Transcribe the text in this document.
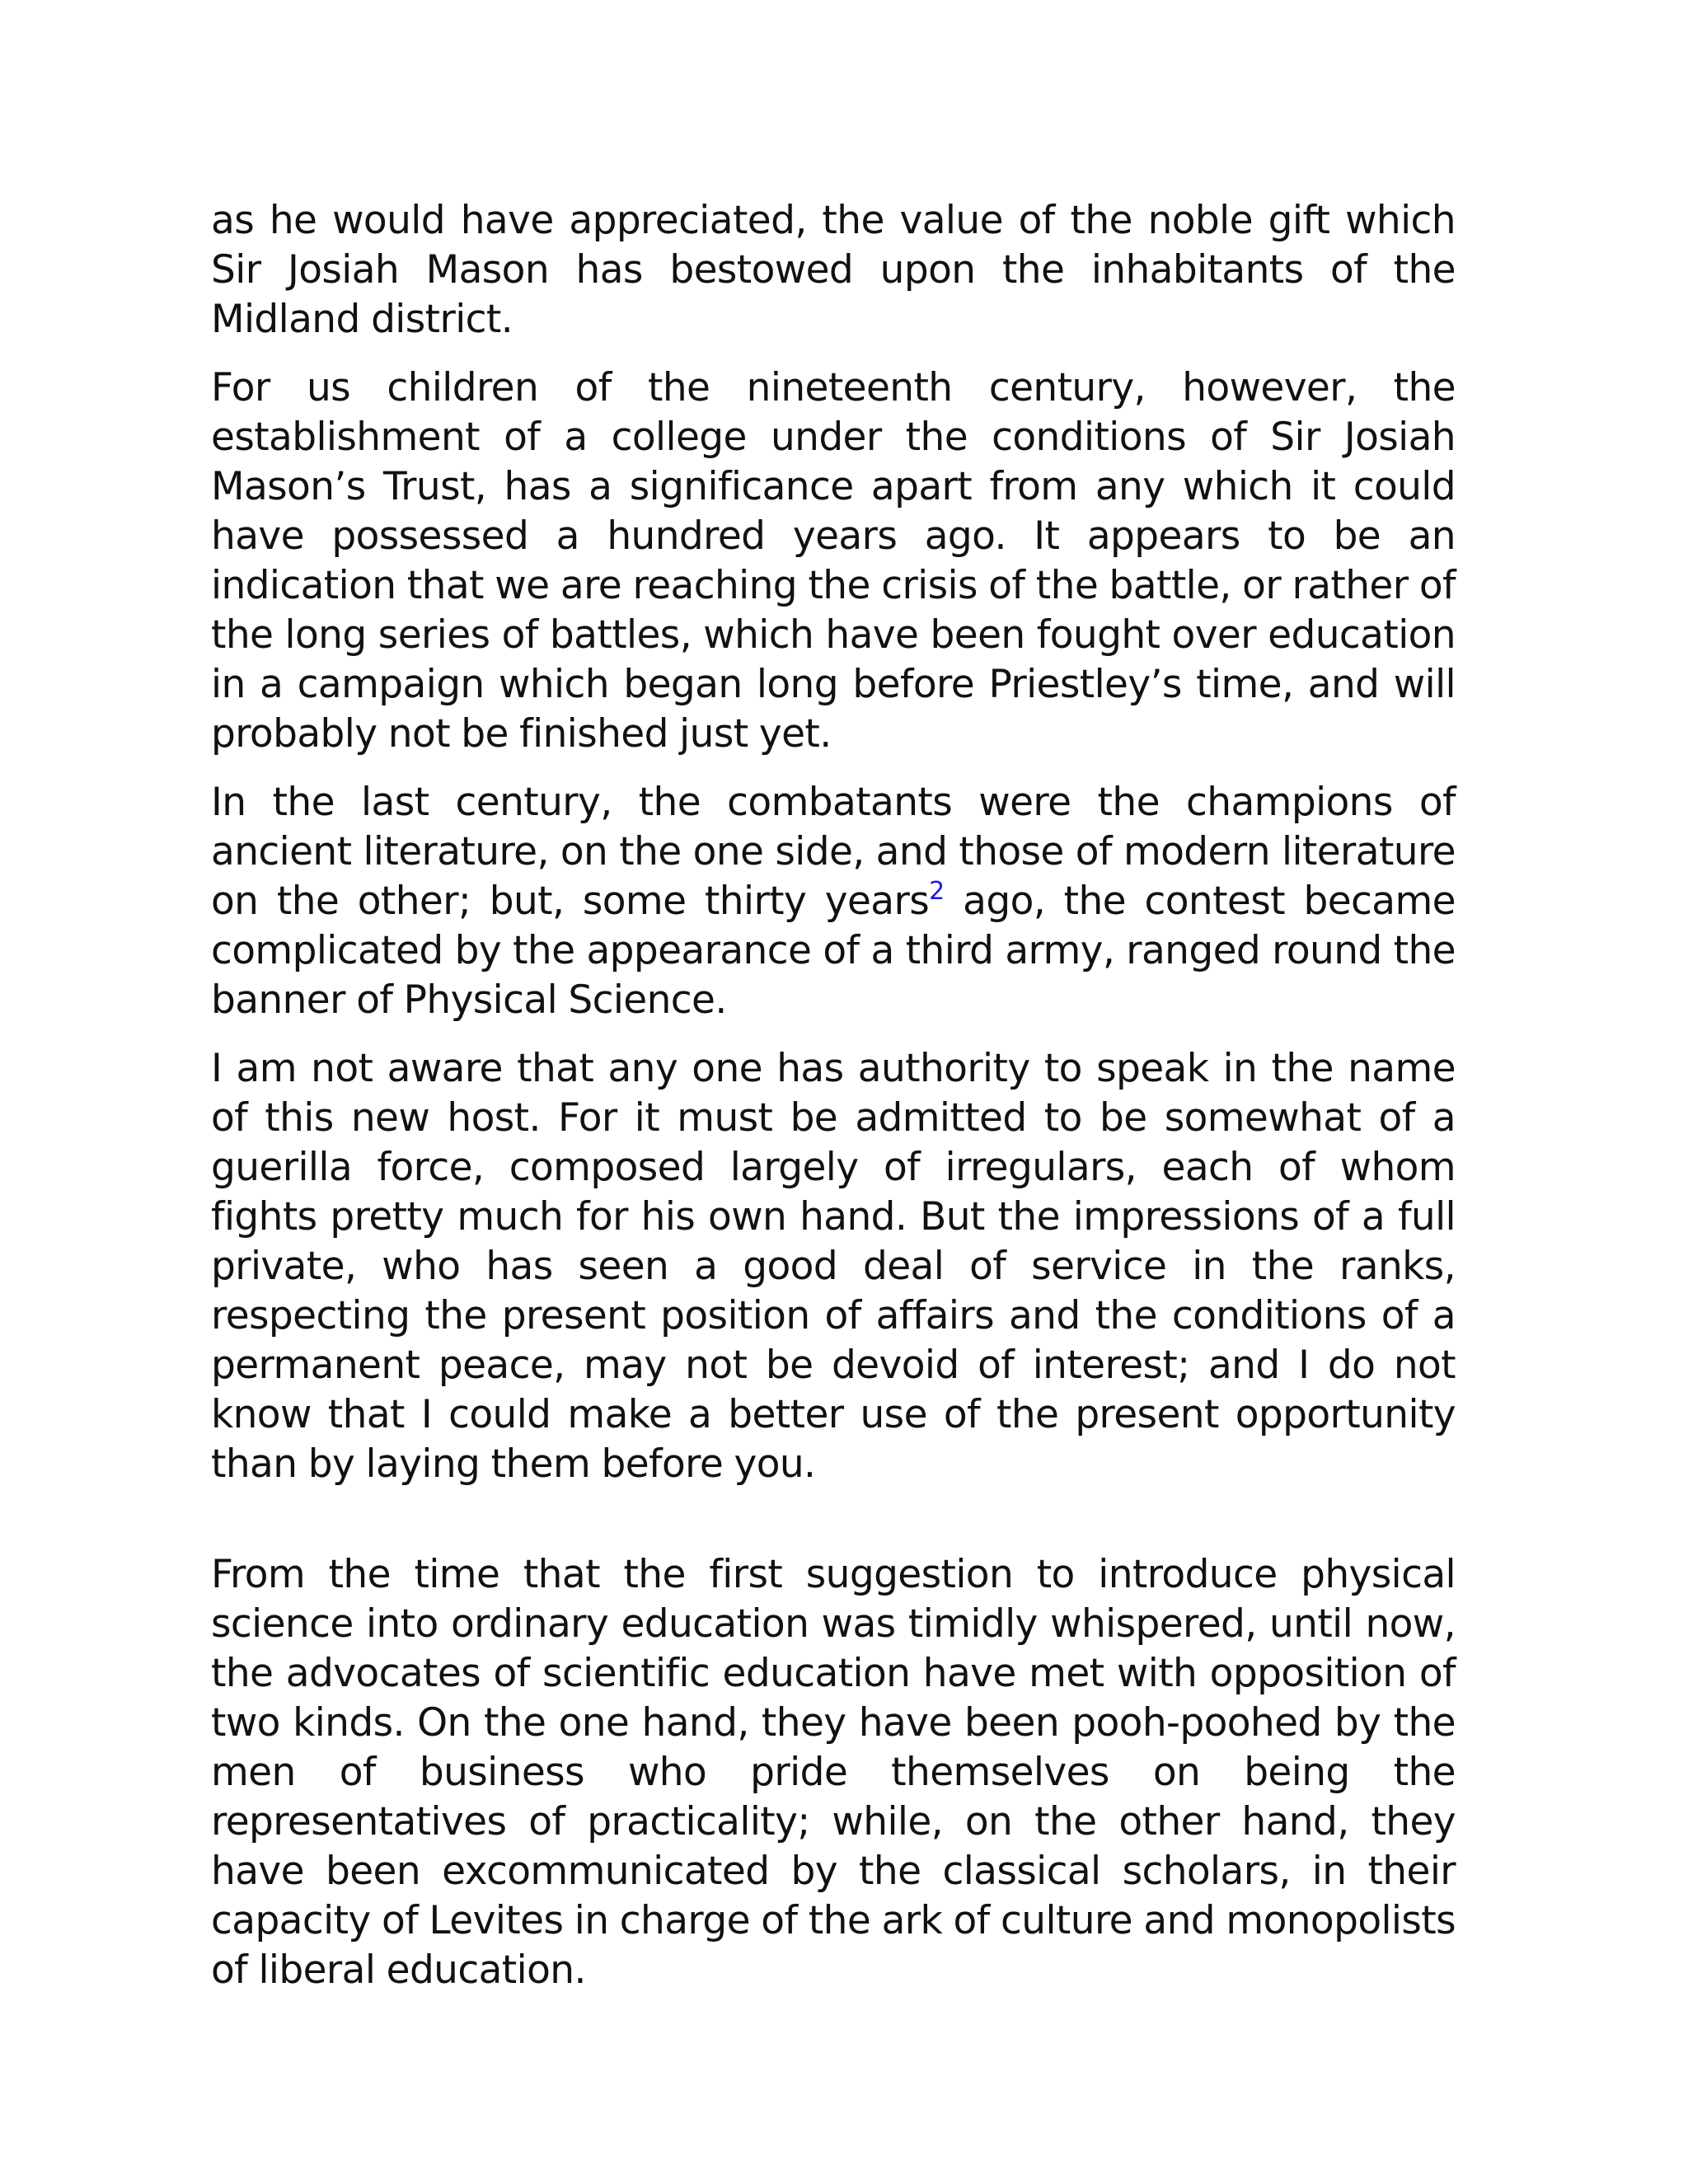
as he would have appreciated, the value of the noble gift which Sir Josiah Mason has bestowed upon the inhabitants of the Midland district.

For us children of the nineteenth century, however, the establishment of a college under the conditions of Sir Josiah Mason’s Trust, has a significance apart from any which it could have possessed a hundred years ago. It appears to be an indication that we are reaching the crisis of the battle, or rather of the long series of battles, which have been fought over education in a campaign which began long before Priestley’s time, and will probably not be finished just yet.

In the last century, the combatants were the champions of ancient literature, on the one side, and those of modern literature on the other; but, some thirty years$^2$ ago, the contest became complicated by the appearance of a third army, ranged round the banner of Physical Science.

I am not aware that any one has authority to speak in the name of this new host. For it must be admitted to be somewhat of a guerilla force, composed largely of irregulars, each of whom fights pretty much for his own hand. But the impressions of a full private, who has seen a good deal of service in the ranks, respecting the present position of affairs and the conditions of a permanent peace, may not be devoid of interest; and I do not know that I could make a better use of the present opportunity than by laying them before you.

From the time that the first suggestion to introduce physical science into ordinary education was timidly whispered, until now, the advocates of scientific education have met with opposition of two kinds. On the one hand, they have been pooh-poohed by the men of business who pride themselves on being the representatives of practicality; while, on the other hand, they have been excommunicated by the classical scholars, in their capacity of Levites in charge of the ark of culture and monopolists of liberal education.
